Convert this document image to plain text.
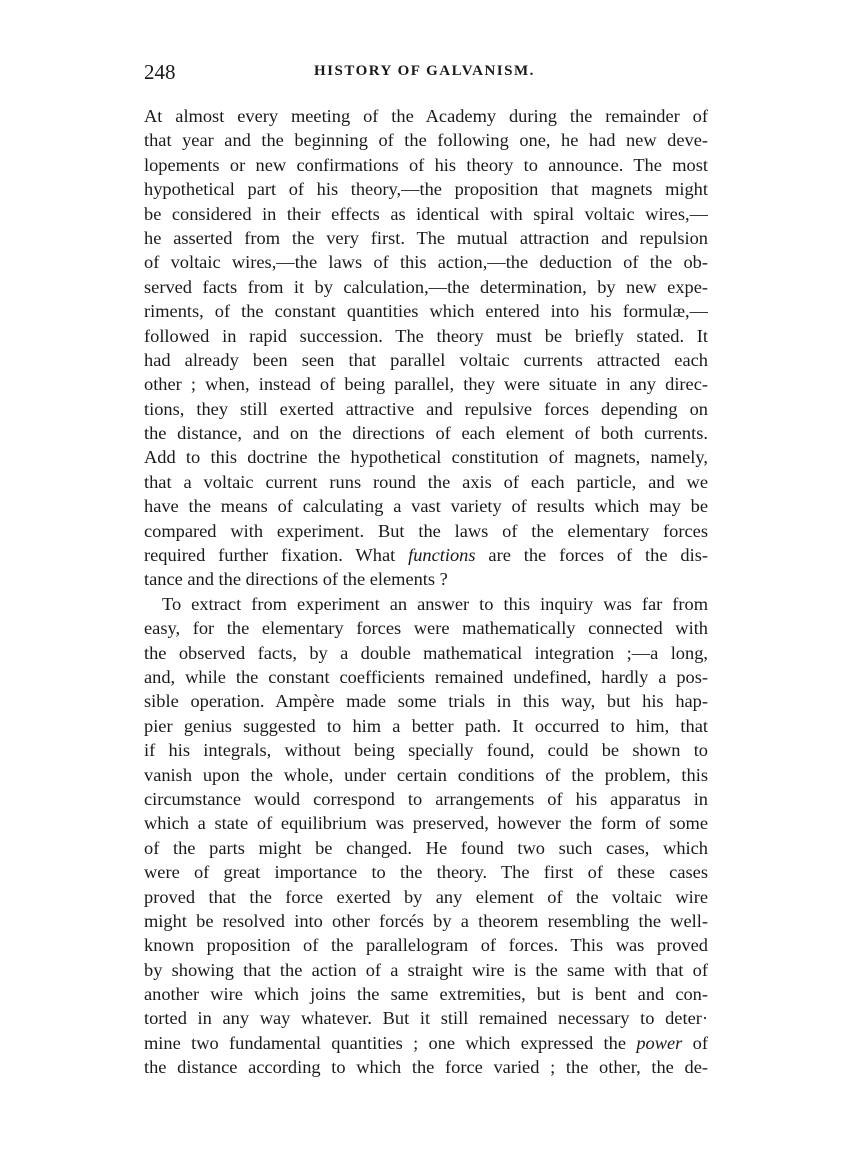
248	HISTORY OF GALVANISM.
At almost every meeting of the Academy during the remainder of
that year and the beginning of the following one, he had new deve-
lopements or new confirmations of his theory to announce. The most
hypothetical part of his theory,—the proposition that magnets might
be considered in their effects as identical with spiral voltaic wires,—
he asserted from the very first. The mutual attraction and repulsion
of voltaic wires,—the laws of this action,—the deduction of the ob-
served facts from it by calculation,—the determination, by new expe-
riments, of the constant quantities which entered into his formulæ,—
followed in rapid succession. The theory must be briefly stated. It
had already been seen that parallel voltaic currents attracted each
other ; when, instead of being parallel, they were situate in any direc-
tions, they still exerted attractive and repulsive forces depending on
the distance, and on the directions of each element of both currents.
Add to this doctrine the hypothetical constitution of magnets, namely,
that a voltaic current runs round the axis of each particle, and we
have the means of calculating a vast variety of results which may be
compared with experiment. But the laws of the elementary forces
required further fixation. What functions are the forces of the dis-
tance and the directions of the elements ?
To extract from experiment an answer to this inquiry was far from
easy, for the elementary forces were mathematically connected with
the observed facts, by a double mathematical integration ;—a long,
and, while the constant coefficients remained undefined, hardly a pos-
sible operation. Ampère made some trials in this way, but his hap-
pier genius suggested to him a better path. It occurred to him, that
if his integrals, without being specially found, could be shown to
vanish upon the whole, under certain conditions of the problem, this
circumstance would correspond to arrangements of his apparatus in
which a state of equilibrium was preserved, however the form of some
of the parts might be changed. He found two such cases, which
were of great importance to the theory. The first of these cases
proved that the force exerted by any element of the voltaic wire
might be resolved into other forcés by a theorem resembling the well-
known proposition of the parallelogram of forces. This was proved
by showing that the action of a straight wire is the same with that of
another wire which joins the same extremities, but is bent and con-
torted in any way whatever. But it still remained necessary to deter·
mine two fundamental quantities ; one which expressed the power of
the distance according to which the force varied ; the other, the de-
